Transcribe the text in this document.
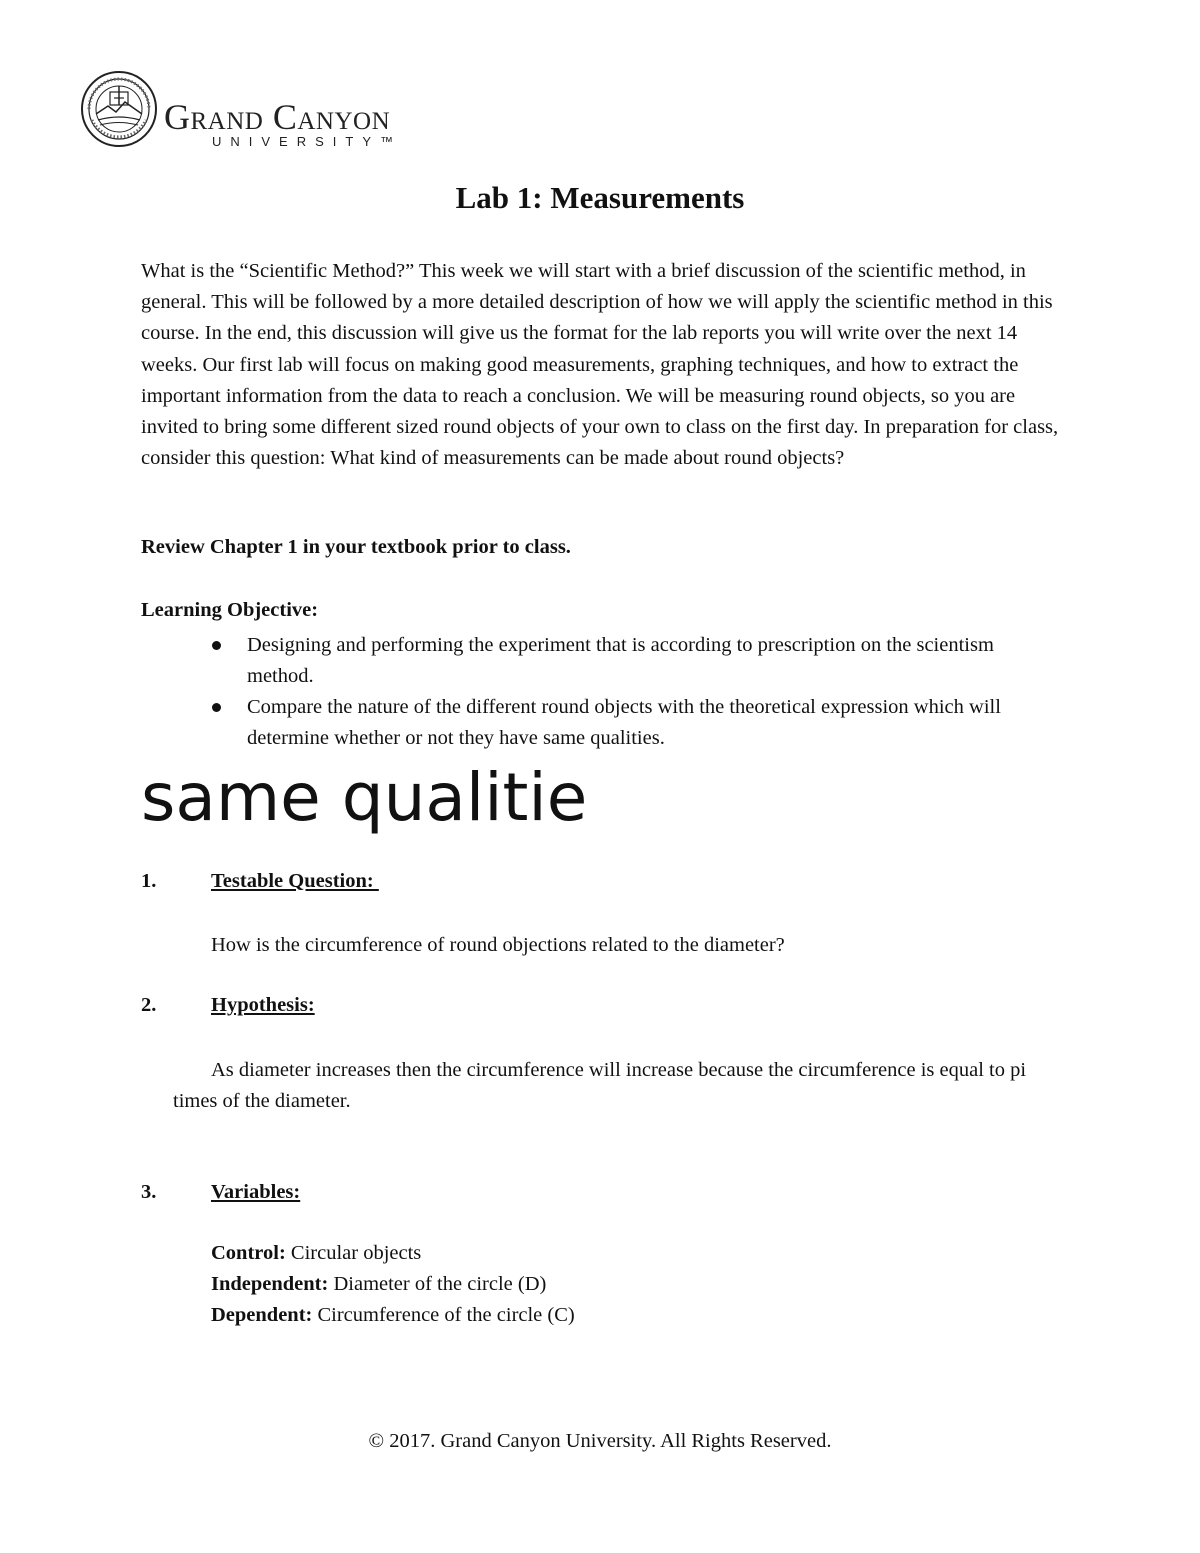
Grand Canyon
UNIVERSITY™
Lab 1: Measurements

What is the “Scientific Method?” This week we will start with a brief discussion of the scientific method, in general. This will be followed by a more detailed description of how we will apply the scientific method in this course. In the end, this discussion will give us the format for the lab reports you will write over the next 14 weeks. Our first lab will focus on making good measurements, graphing techniques, and how to extract the important information from the data to reach a conclusion. We will be measuring round objects, so you are invited to bring some different sized round objects of your own to class on the first day. In preparation for class, consider this question: What kind of measurements can be made about round objects?

Review Chapter 1 in your textbook prior to class.

Learning Objective:

Designing and performing the experiment that is according to prescription on the scientism method.
Compare the nature of the different round objects with the theoretical expression which will determine whether or not they have same qualities.

same qualitie

1.	Testable Question:

How is the circumference of round objections related to the diameter?

2.	Hypothesis:

As diameter increases then the circumference will increase because the circumference is equal to pi times of the diameter.

3.	Variables:
Control: Circular objects
Independent: Diameter of the circle (D)
Dependent: Circumference of the circle (C)
© 2017. Grand Canyon University. All Rights Reserved.
